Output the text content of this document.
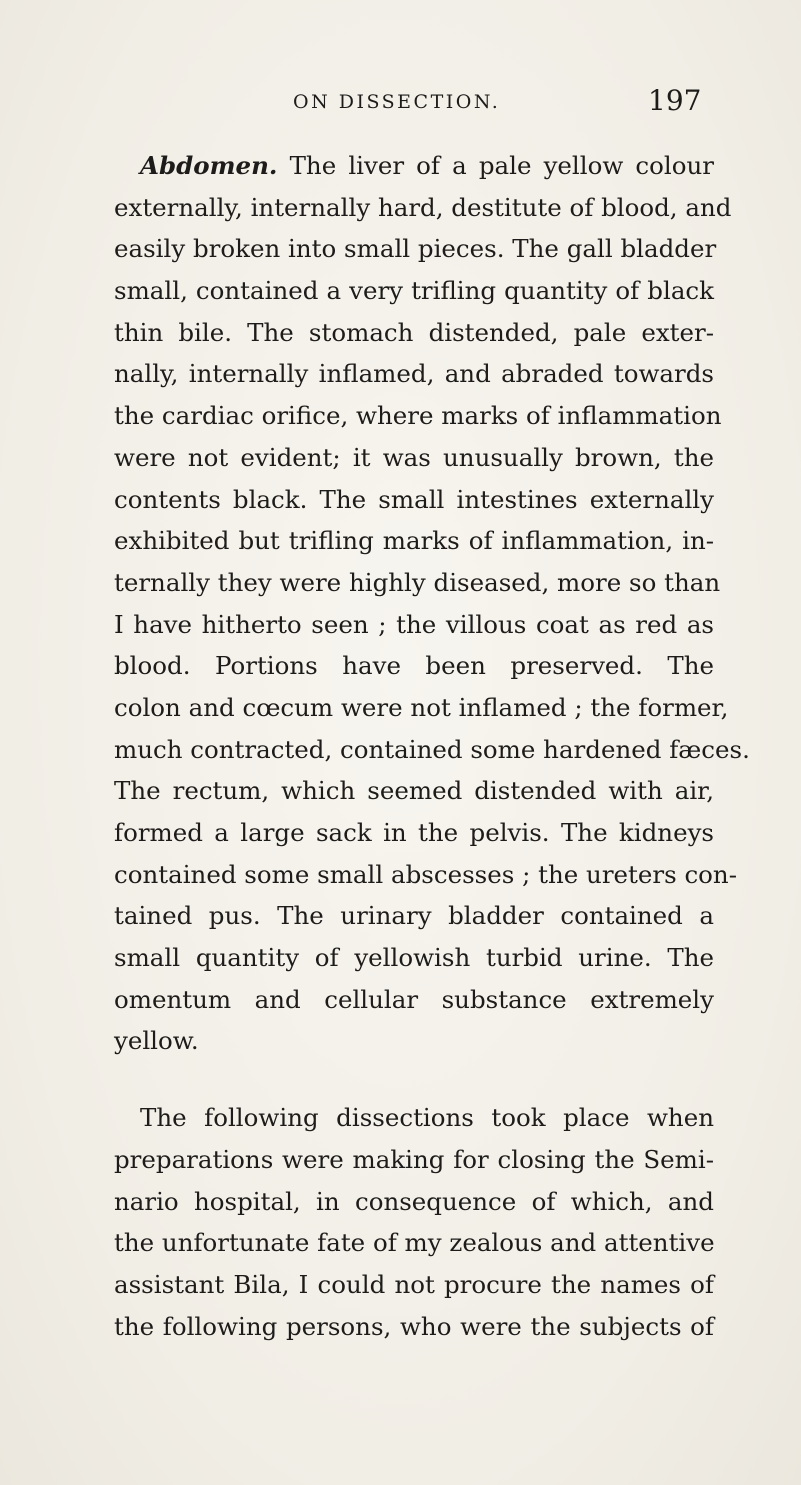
ON DISSECTION.	197
Abdomen. The liver of a pale yellow colour
externally, internally hard, destitute of blood, and
easily broken into small pieces. The gall bladder
small, contained a very trifling quantity of black
thin bile. The stomach distended, pale exter-
nally, internally inflamed, and abraded towards
the cardiac orifice, where marks of inflammation
were not evident; it was unusually brown, the
contents black. The small intestines externally
exhibited but trifling marks of inflammation, in-
ternally they were highly diseased, more so than
I have hitherto seen ; the villous coat as red as
blood. Portions have been preserved. The
colon and cœcum were not inflamed ; the former,
much contracted, contained some hardened fæces.
The rectum, which seemed distended with air,
formed a large sack in the pelvis. The kidneys
contained some small abscesses ; the ureters con-
tained pus. The urinary bladder contained a
small quantity of yellowish turbid urine. The
omentum and cellular substance extremely
yellow.
The following dissections took place when
preparations were making for closing the Semi-
nario hospital, in consequence of which, and
the unfortunate fate of my zealous and attentive
assistant Bila, I could not procure the names of
the following persons, who were the subjects of
